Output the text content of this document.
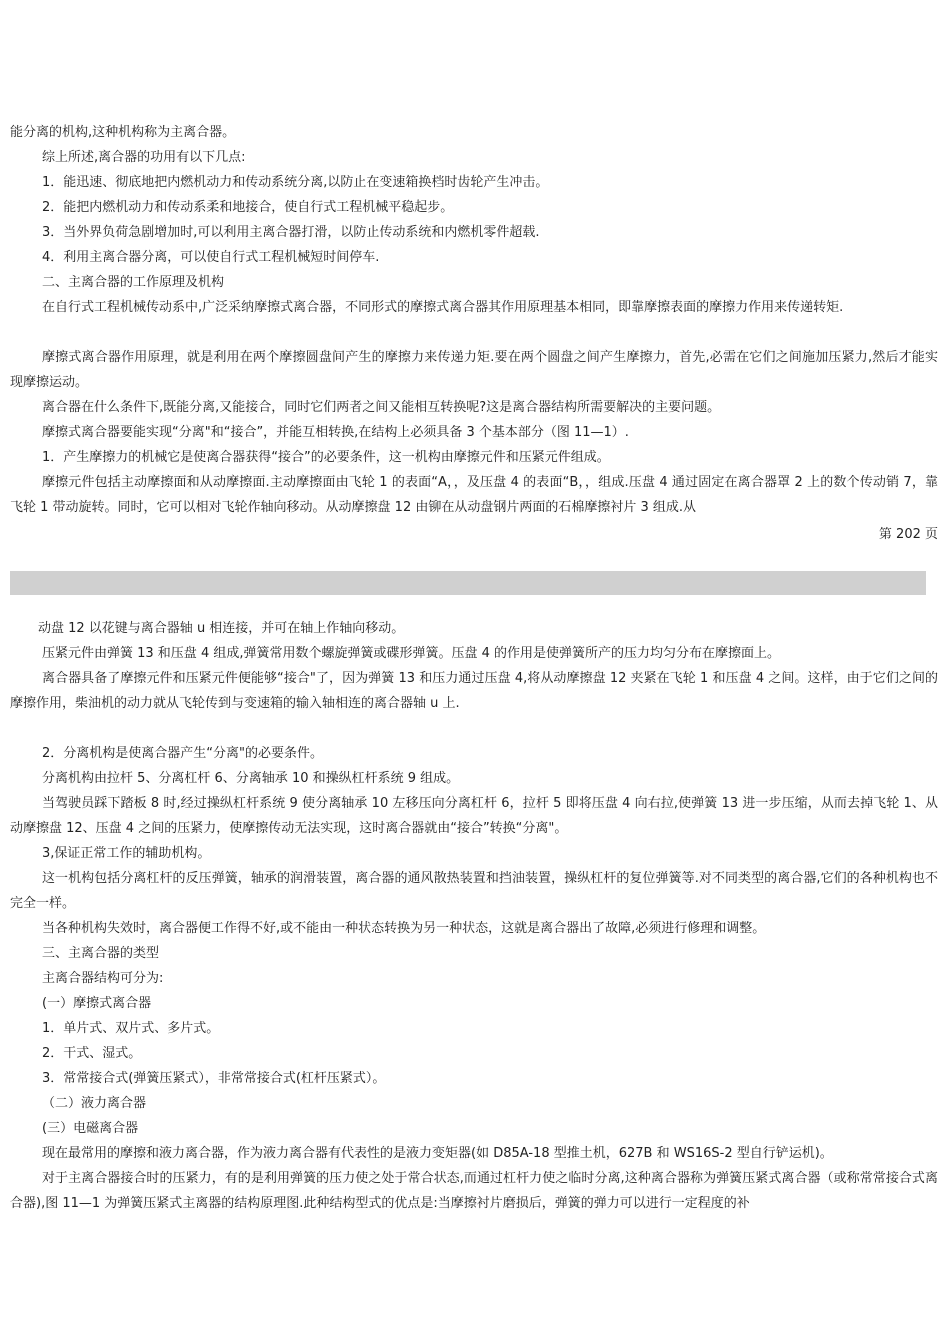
能分离的机构,这种机构称为主离合器。

综上所述,离合器的功用有以下几点:

1．能迅速、彻底地把内燃机动力和传动系统分离,以防止在变速箱换档时齿轮产生冲击。

2．能把内燃机动力和传动系柔和地接合，使自行式工程机械平稳起步。

3．当外界负荷急剧增加时,可以利用主离合器打滑，以防止传动系统和内燃机零件超载.

4．利用主离合器分离，可以使自行式工程机械短时间停车.

二、主离合器的工作原理及机构

在自行式工程机械传动系中,广泛采纳摩擦式离合器，不同形式的摩擦式离合器其作用原理基本相同，即靠摩擦表面的摩擦力作用来传递转矩.

摩擦式离合器作用原理，就是利用在两个摩擦圆盘间产生的摩擦力来传递力矩.要在两个圆盘之间产生摩擦力，首先,必需在它们之间施加压紧力,然后才能实现摩擦运动。

离合器在什么条件下,既能分离,又能接合，同时它们两者之间又能相互转换呢?这是离合器结构所需要解决的主要问题。

摩擦式离合器要能实现“分离"和“接合”，并能互相转换,在结构上必须具备 3 个基本部分（图 11—1）.

1．产生摩擦力的机械它是使离合器获得“接合”的必要条件，这一机构由摩擦元件和压紧元件组成。

摩擦元件包括主动摩擦面和从动摩擦面.主动摩擦面由飞轮 1 的表面“A，，及压盘 4 的表面“B，，组成.压盘 4 通过固定在离合器罩 2 上的数个传动销 7，靠飞轮 1 带动旋转。同时，它可以相对飞轮作轴向移动。从动摩擦盘 12 由铆在从动盘钢片两面的石棉摩擦衬片 3 组成.从

第 202 页

动盘 12 以花键与离合器轴 u 相连接，并可在轴上作轴向移动。

压紧元件由弹簧 13 和压盘 4 组成,弹簧常用数个螺旋弹簧或碟形弹簧。压盘 4 的作用是使弹簧所产的压力均匀分布在摩擦面上。

离合器具备了摩擦元件和压紧元件便能够“接合"了，因为弹簧 13 和压力通过压盘 4,将从动摩擦盘 12 夹紧在飞轮 1 和压盘 4 之间。这样，由于它们之间的摩擦作用，柴油机的动力就从飞轮传到与变速箱的输入轴相连的离合器轴 u 上.

2．分离机构是使离合器产生“分离"的必要条件。

分离机构由拉杆 5、分离杠杆 6、分离轴承 10 和操纵杠杆系统 9 组成。

当驾驶员踩下踏板 8 时,经过操纵杠杆系统 9 使分离轴承 10 左移压向分离杠杆 6，拉杆 5 即将压盘 4 向右拉,使弹簧 13 进一步压缩，从而去掉飞轮 1、从动摩擦盘 12、压盘 4 之间的压紧力，使摩擦传动无法实现，这时离合器就由“接合”转换“分离"。

3,保证正常工作的辅助机构。

这一机构包括分离杠杆的反压弹簧，轴承的润滑装置，离合器的通风散热装置和挡油装置，操纵杠杆的复位弹簧等.对不同类型的离合器,它们的各种机构也不完全一样。

当各种机构失效时，离合器便工作得不好,或不能由一种状态转换为另一种状态，这就是离合器出了故障,必须进行修理和调整。

三、主离合器的类型

主离合器结构可分为:

(一）摩擦式离合器

1．单片式、双片式、多片式。

2．干式、湿式。

3．常常接合式(弹簧压紧式），非常常接合式(杠杆压紧式）。

（二）液力离合器

(三）电磁离合器

现在最常用的摩擦和液力离合器，作为液力离合器有代表性的是液力变矩器(如 D85A-18 型推土机，627B 和 WS16S-2 型自行铲运机)。

对于主离合器接合时的压紧力，有的是利用弹簧的压力使之处于常合状态,而通过杠杆力使之临时分离,这种离合器称为弹簧压紧式离合器（或称常常接合式离合器),图 11—1 为弹簧压紧式主离器的结构原理图.此种结构型式的优点是:当摩擦衬片磨损后，弹簧的弹力可以进行一定程度的补
